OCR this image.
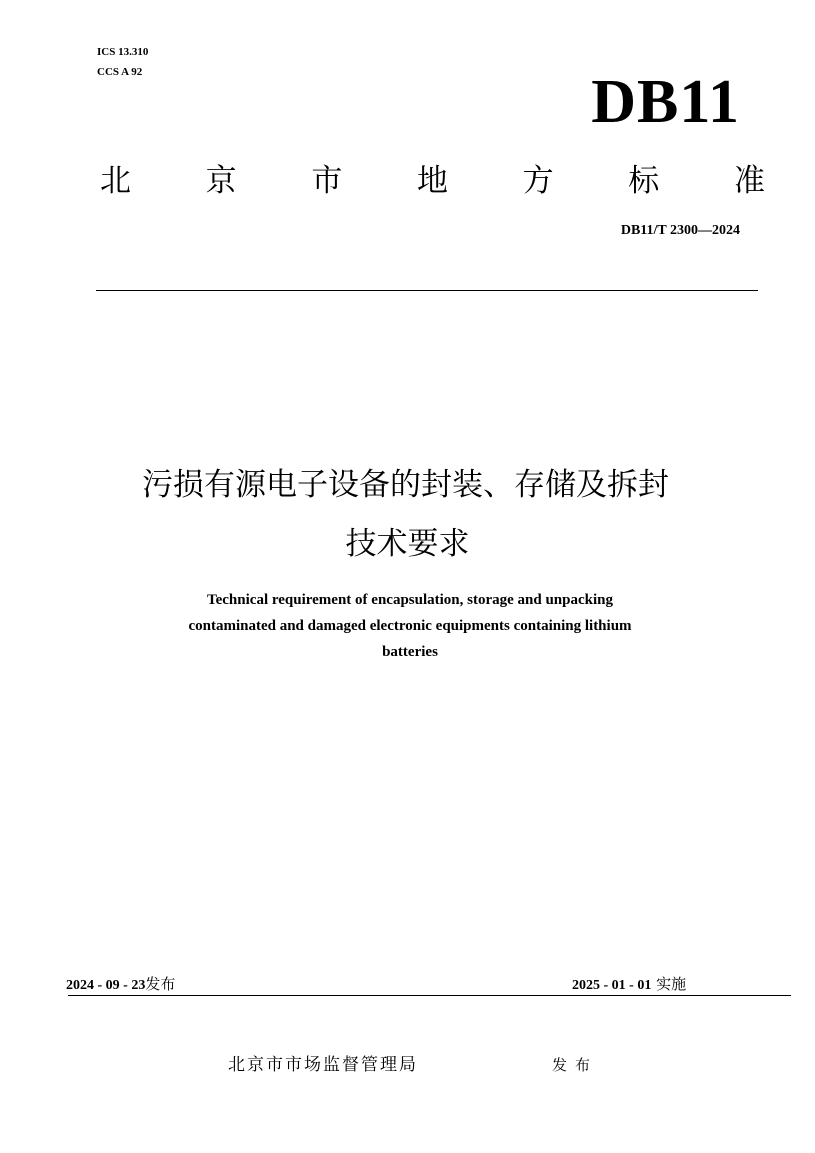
ICS 13.310
CCS A 92	DB11
北 京 市 地 方 标 准
DB11/T 2300—2024
污损有源电子设备的封装、存储及拆封
技术要求
Technical requirement of encapsulation, storage and unpacking
contaminated and damaged electronic equipments containing lithium
batteries
2024 - 09 - 23发布	2025 - 01 - 01 实施
北京市市场监督管理局	发布
